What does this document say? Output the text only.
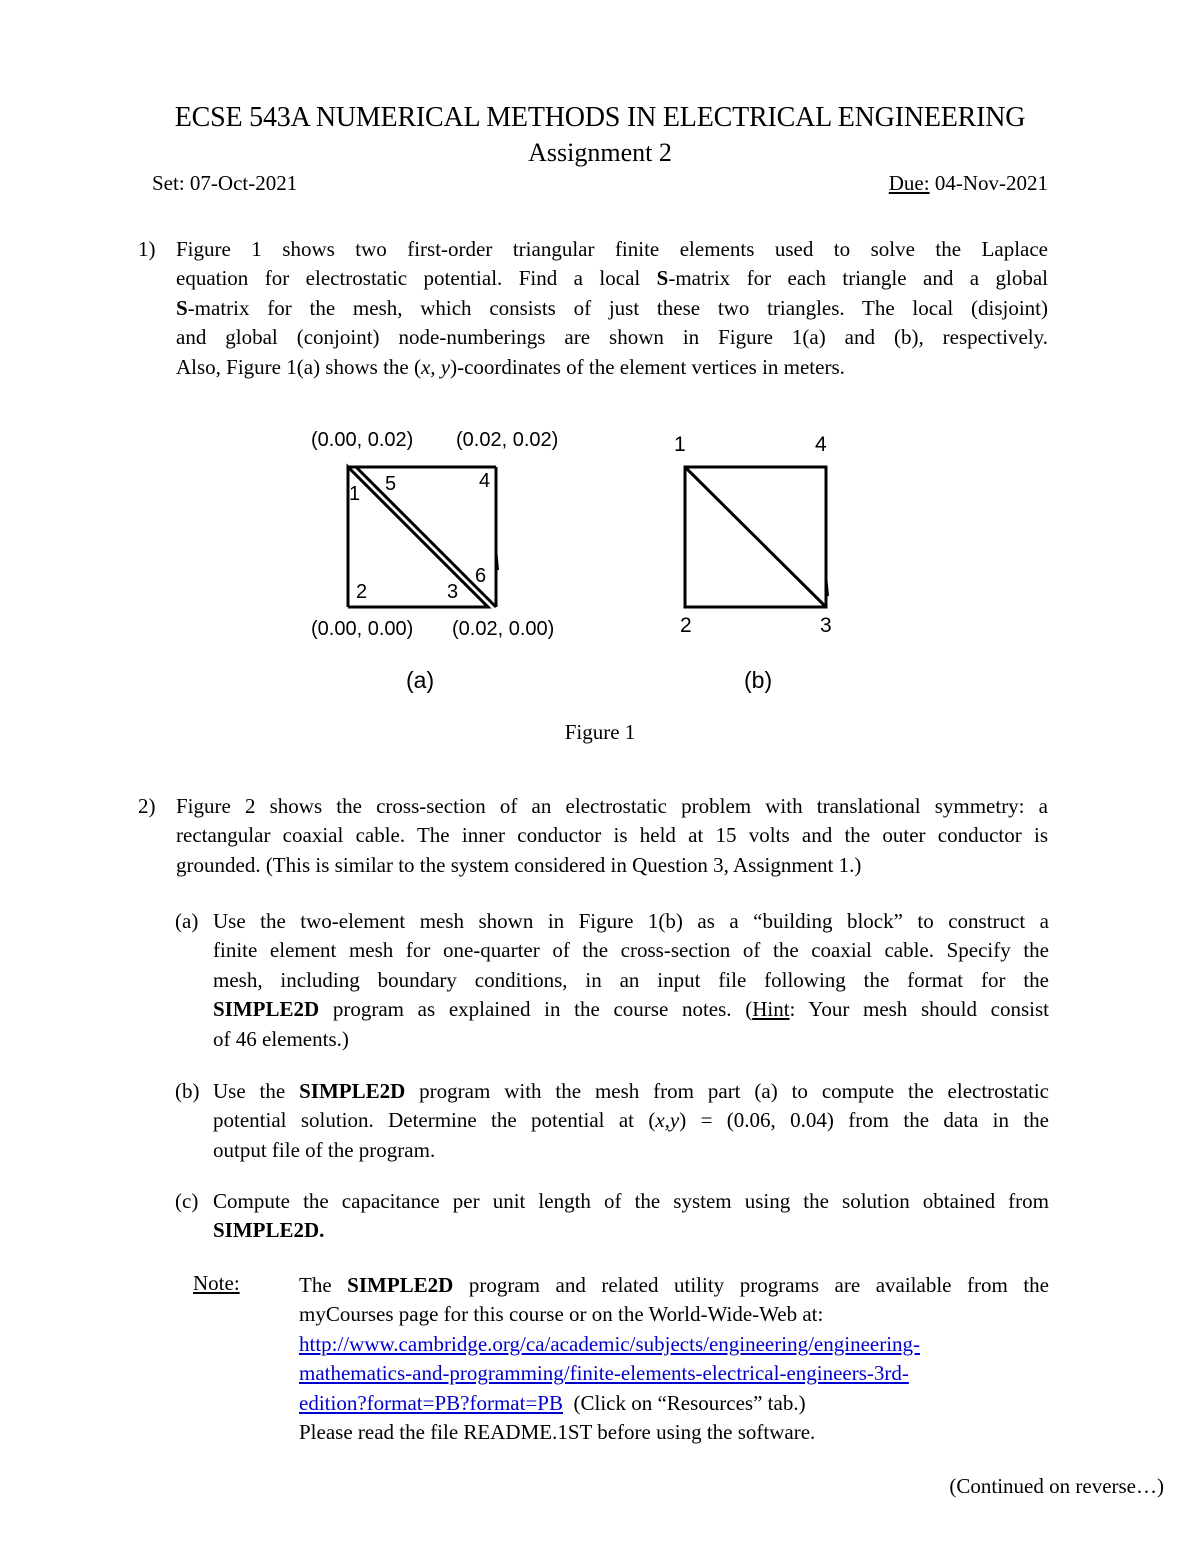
ECSE 543A NUMERICAL METHODS IN ELECTRICAL ENGINEERING
Assignment 2
Set: 07-Oct-2021	Due: 04-Nov-2021
1) Figure 1 shows two first-order triangular finite elements used to solve the Laplace
equation for electrostatic potential. Find a local S-matrix for each triangle and a global
S-matrix for the mesh, which consists of just these two triangles. The local (disjoint)
and global (conjoint) node-numberings are shown in Figure 1(a) and (b), respectively.
Also, Figure 1(a) shows the (x, y)-coordinates of the element vertices in meters.
(0.00, 0.02) (0.02, 0.02)
(0.00, 0.00) (0.02, 0.00)
1
2	3
4
5
6
1
2	3
4
(a)	(b)
Figure 1
2) Figure 2 shows the cross-section of an electrostatic problem with translational symmetry: a
rectangular coaxial cable. The inner conductor is held at 15 volts and the outer conductor is
grounded. (This is similar to the system considered in Question 3, Assignment 1.)
(a) Use the two-element mesh shown in Figure 1(b) as a “building block” to construct a
finite element mesh for one-quarter of the cross-section of the coaxial cable. Specify the
mesh, including boundary conditions, in an input file following the format for the
SIMPLE2D program as explained in the course notes. (Hint: Your mesh should consist
of 46 elements.)
(b) Use the SIMPLE2D program with the mesh from part (a) to compute the electrostatic
potential solution. Determine the potential at (x,y) = (0.06, 0.04) from the data in the
output file of the program.
(c) Compute the capacitance per unit length of the system using the solution obtained from
SIMPLE2D.
Note:	The SIMPLE2D program and related utility programs are available from the
myCourses page for this course or on the World-Wide-Web at:
http://www.cambridge.org/ca/academic/subjects/engineering/engineering-
mathematics-and-programming/finite-elements-electrical-engineers-3rd-
edition?format=PB?format=PB  (Click on “Resources” tab.)
Please read the file README.1ST before using the software.
(Continued on reverse…)
